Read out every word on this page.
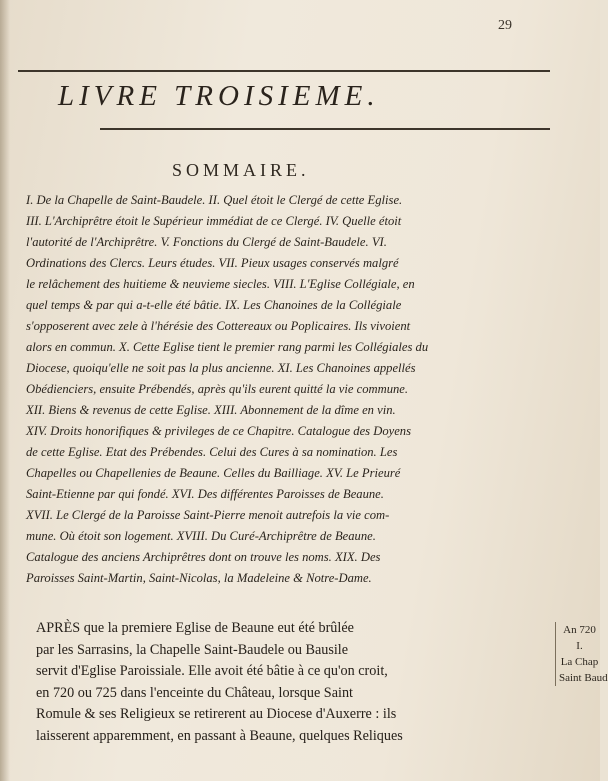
29
LIVRE TROISIEME.
SOMMAIRE.
I. De la Chapelle de Saint-Baudele. II. Quel étoit le Clergé de cette Eglise.
III. L'Archiprêtre étoit le Supérieur immédiat de ce Clergé. IV. Quelle étoit
l'autorité de l'Archiprêtre. V. Fonctions du Clergé de Saint-Baudele. VI.
Ordinations des Clercs. Leurs études. VII. Pieux usages conservés malgré
le relâchement des huitieme & neuvieme siecles. VIII. L'Eglise Collégiale, en
quel temps & par qui a-t-elle été bâtie. IX. Les Chanoines de la Collégiale
s'opposerent avec zele à l'hérésie des Cottereaux ou Poplicaires. Ils vivoient
alors en commun. X. Cette Eglise tient le premier rang parmi les Collégiales du
Diocese, quoiqu'elle ne soit pas la plus ancienne. XI. Les Chanoines appellés
Obédienciers, ensuite Prébendés, après qu'ils eurent quitté la vie commune.
XII. Biens & revenus de cette Eglise. XIII. Abonnement de la dîme en vin.
XIV. Droits honorifiques & privileges de ce Chapitre. Catalogue des Doyens
de cette Eglise. Etat des Prébendes. Celui des Cures à sa nomination. Les
Chapelles ou Chapellenies de Beaune. Celles du Bailliage. XV. Le Prieuré
Saint-Etienne par qui fondé. XVI. Des différentes Paroisses de Beaune.
XVII. Le Clergé de la Paroisse Saint-Pierre menoit autrefois la vie com-
mune. Où étoit son logement. XVIII. Du Curé-Archiprêtre de Beaune.
Catalogue des anciens Archiprêtres dont on trouve les noms. XIX. Des
Paroisses Saint-Martin, Saint-Nicolas, la Madeleine & Notre-Dame.
APRÈS que la premiere Eglise de Beaune eut été brûlée
par les Sarrasins, la Chapelle Saint-Baudele ou Bausile
servit d'Eglise Paroissiale. Elle avoit été bâtie à ce qu'on croit,
en 720 ou 725 dans l'enceinte du Château, lorsque Saint
Romule & ses Religieux se retirerent au Diocese d'Auxerre : ils
laisserent apparemment, en passant à Beaune, quelques Reliques
An 720
I.
La Chap
Saint Baud
